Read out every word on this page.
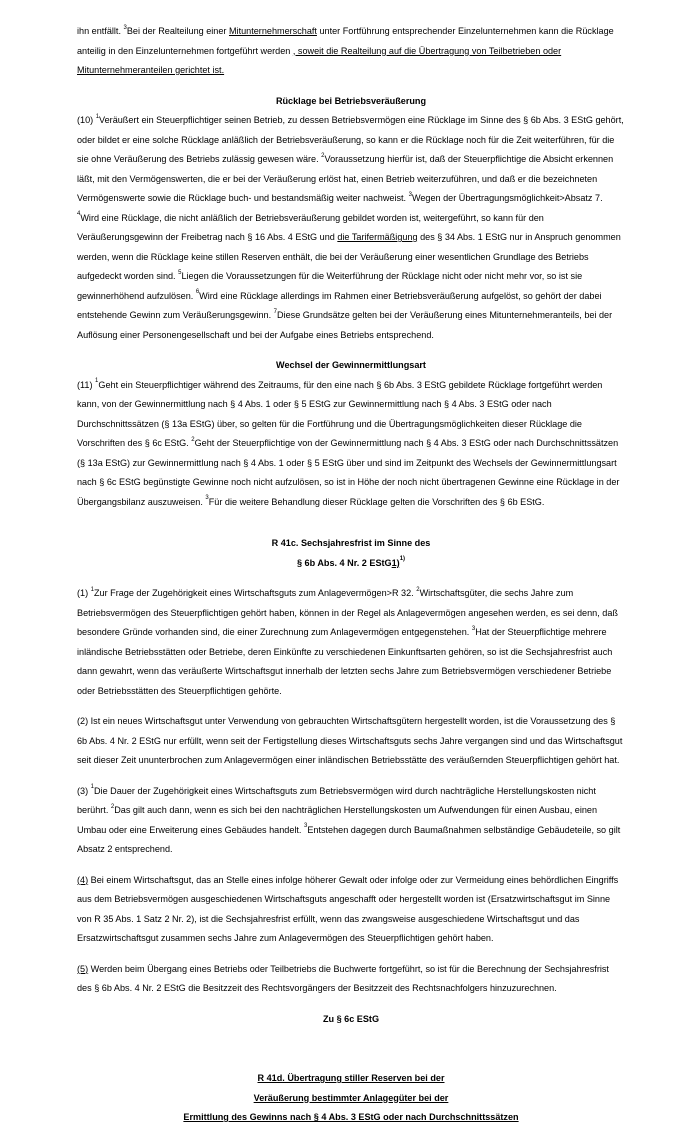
ihn entfällt. $^3$Bei der Realteilung einer Mitunternehmerschaft unter Fortführung entsprechender Einzelunternehmen kann die Rücklage anteilig in den Einzelunternehmen fortgeführt werden , soweit die Realteilung auf die Übertragung von Teilbetrieben oder Mitunternehmeranteilen gerichtet ist.

Rücklage bei Betriebsveräußerung

(10) $^1$Veräußert ein Steuerpflichtiger seinen Betrieb, zu dessen Betriebsvermögen eine Rücklage im Sinne des § 6b Abs. 3 EStG gehört, oder bildet er eine solche Rücklage anläßlich der Betriebsveräußerung, so kann er die Rücklage noch für die Zeit weiterführen, für die sie ohne Veräußerung des Betriebs zulässig gewesen wäre. $^2$Voraussetzung hierfür ist, daß der Steuerpflichtige die Absicht erkennen läßt, mit den Vermögenswerten, die er bei der Veräußerung erlöst hat, einen Betrieb weiterzuführen, und daß er die bezeichneten Vermögenswerte sowie die Rücklage buch- und bestandsmäßig weiter nachweist. $^3$Wegen der Übertragungsmöglichkeit>Absatz 7. $^4$Wird eine Rücklage, die nicht anläßlich der Betriebsveräußerung gebildet worden ist, weitergeführt, so kann für den Veräußerungsgewinn der Freibetrag nach § 16 Abs. 4 EStG und die Tarifermäßigung des § 34 Abs. 1 EStG nur in Anspruch genommen werden, wenn die Rücklage keine stillen Reserven enthält, die bei der Veräußerung einer wesentlichen Grundlage des Betriebs aufgedeckt worden sind. $^5$Liegen die Voraussetzungen für die Weiterführung der Rücklage nicht oder nicht mehr vor, so ist sie gewinnerhöhend aufzulösen. $^6$Wird eine Rücklage allerdings im Rahmen einer Betriebsveräußerung aufgelöst, so gehört der dabei entstehende Gewinn zum Veräußerungsgewinn. $^7$Diese Grundsätze gelten bei der Veräußerung eines Mitunternehmeranteils, bei der Auflösung einer Personengesellschaft und bei der Aufgabe eines Betriebs entsprechend.

Wechsel der Gewinnermittlungsart

(11) $^1$Geht ein Steuerpflichtiger während des Zeitraums, für den eine nach § 6b Abs. 3 EStG gebildete Rücklage fortgeführt werden kann, von der Gewinnermittlung nach § 4 Abs. 1 oder § 5 EStG zur Gewinnermittlung nach § 4 Abs. 3 EStG oder nach Durchschnittssätzen (§ 13a EStG) über, so gelten für die Fortführung und die Übertragungsmöglichkeiten dieser Rücklage die Vorschriften des § 6c EStG. $^2$Geht der Steuerpflichtige von der Gewinnermittlung nach § 4 Abs. 3 EStG oder nach Durchschnittssätzen (§ 13a EStG) zur Gewinnermittlung nach § 4 Abs. 1 oder § 5 EStG über und sind im Zeitpunkt des Wechsels der Gewinnermittlungsart nach § 6c EStG begünstigte Gewinne noch nicht aufzulösen, so ist in Höhe der noch nicht übertragenen Gewinne eine Rücklage in der Übergangsbilanz auszuweisen. $^3$Für die weitere Behandlung dieser Rücklage gelten die Vorschriften des § 6b EStG.

R 41c. Sechsjahresfrist im Sinne des
§ 6b Abs. 4 Nr. 2 EStG1)$^{1)}$

(1) $^1$Zur Frage der Zugehörigkeit eines Wirtschaftsguts zum Anlagevermögen>R 32. $^2$Wirtschaftsgüter, die sechs Jahre zum Betriebsvermögen des Steuerpflichtigen gehört haben, können in der Regel als Anlagevermögen angesehen werden, es sei denn, daß besondere Gründe vorhanden sind, die einer Zurechnung zum Anlagevermögen entgegenstehen. $^3$Hat der Steuerpflichtige mehrere inländische Betriebsstätten oder Betriebe, deren Einkünfte zu verschiedenen Einkunftsarten gehören, so ist die Sechsjahresfrist auch dann gewahrt, wenn das veräußerte Wirtschaftsgut innerhalb der letzten sechs Jahre zum Betriebsvermögen verschiedener Betriebe oder Betriebsstätten des Steuerpflichtigen gehörte.

(2) Ist ein neues Wirtschaftsgut unter Verwendung von gebrauchten Wirtschaftsgütern hergestellt worden, ist die Voraussetzung des § 6b Abs. 4 Nr. 2 EStG nur erfüllt, wenn seit der Fertigstellung dieses Wirtschaftsguts sechs Jahre vergangen sind und das Wirtschaftsgut seit dieser Zeit ununterbrochen zum Anlagevermögen einer inländischen Betriebsstätte des veräußernden Steuerpflichtigen gehört hat.

(3) $^1$Die Dauer der Zugehörigkeit eines Wirtschaftsguts zum Betriebsvermögen wird durch nachträgliche Herstellungskosten nicht berührt. $^2$Das gilt auch dann, wenn es sich bei den nachträglichen Herstellungskosten um Aufwendungen für einen Ausbau, einen Umbau oder eine Erweiterung eines Gebäudes handelt. $^3$Entstehen dagegen durch Baumaßnahmen selbständige Gebäudeteile, so gilt Absatz 2 entsprechend.

(4) Bei einem Wirtschaftsgut, das an Stelle eines infolge höherer Gewalt oder infolge oder zur Vermeidung eines behördlichen Eingriffs aus dem Betriebsvermögen ausgeschiedenen Wirtschaftsguts angeschafft oder hergestellt worden ist (Ersatzwirtschaftsgut im Sinne von R 35 Abs. 1 Satz 2 Nr. 2), ist die Sechsjahresfrist erfüllt, wenn das zwangsweise ausgeschiedene Wirtschaftsgut und das Ersatzwirtschaftsgut zusammen sechs Jahre zum Anlagevermögen des Steuerpflichtigen gehört haben.

(5) Werden beim Übergang eines Betriebs oder Teilbetriebs die Buchwerte fortgeführt, so ist für die Berechnung der Sechsjahresfrist des § 6b Abs. 4 Nr. 2 EStG die Besitzzeit des Rechtsvorgängers der Besitzzeit des Rechtsnachfolgers hinzuzurechnen.

Zu § 6c EStG
R 41d. Übertragung stiller Reserven bei der
Veräußerung bestimmter Anlagegüter bei der
Ermittlung des Gewinns nach § 4 Abs. 3 EStG oder nach Durchschnittssätzen
